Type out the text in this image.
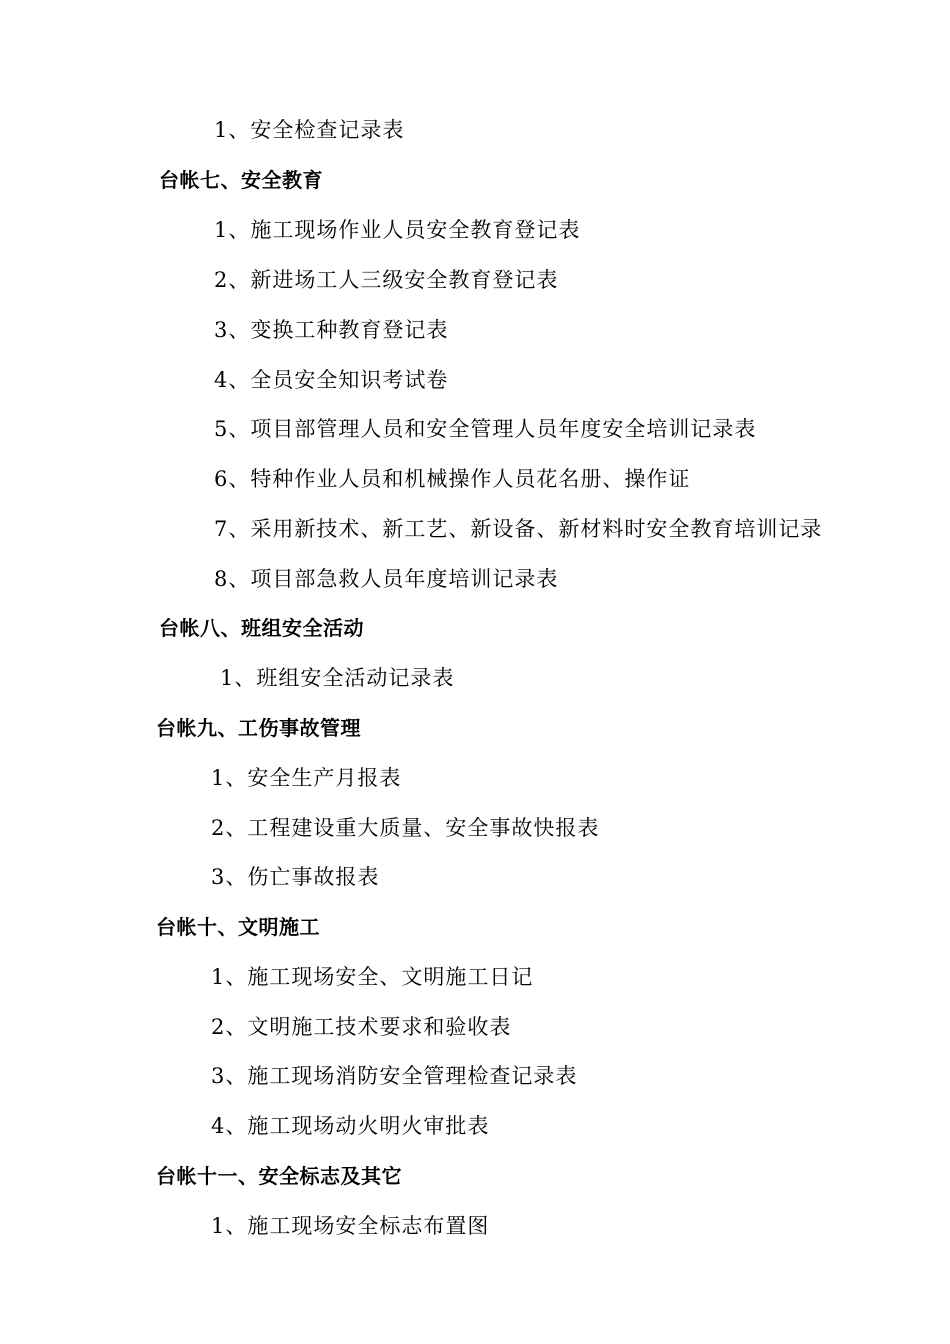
1、安全检查记录表
台帐七、安全教育
1、施工现场作业人员安全教育登记表
2、新进场工人三级安全教育登记表
3、变换工种教育登记表
4、全员安全知识考试卷
5、项目部管理人员和安全管理人员年度安全培训记录表
6、特种作业人员和机械操作人员花名册、操作证
7、采用新技术、新工艺、新设备、新材料时安全教育培训记录
8、项目部急救人员年度培训记录表
台帐八、班组安全活动
1、班组安全活动记录表
台帐九、工伤事故管理
1、安全生产月报表
2、工程建设重大质量、安全事故快报表
3、伤亡事故报表
台帐十、文明施工
1、施工现场安全、文明施工日记
2、文明施工技术要求和验收表
3、施工现场消防安全管理检查记录表
4、施工现场动火明火审批表
台帐十一、安全标志及其它
1、施工现场安全标志布置图
